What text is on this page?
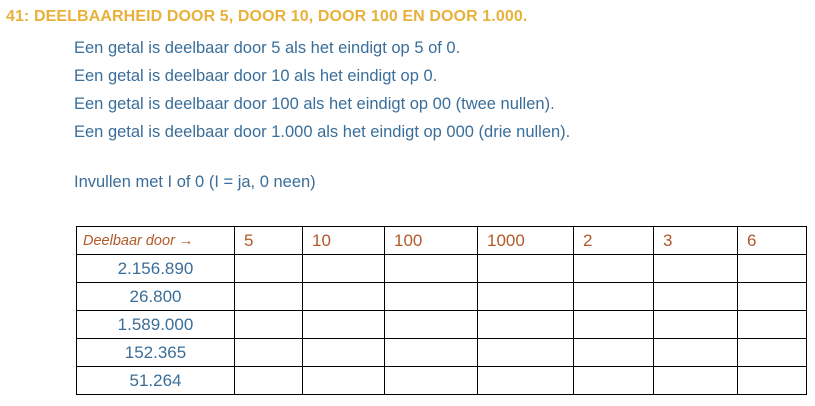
41: DEELBAARHEID DOOR 5, DOOR 10, DOOR 100 EN DOOR 1.000.
Een getal is deelbaar door 5 als het eindigt op 5 of 0.
Een getal is deelbaar door 10 als het eindigt op 0.
Een getal is deelbaar door 100 als het eindigt op 00 (twee nullen).
Een getal is deelbaar door 1.000 als het eindigt op 000 (drie nullen).
Invullen met I of 0 (I = ja, 0 neen)
Deelbaar door →	5	10	100	1000	2	3	6
2.156.890							
26.800							
1.589.000							
152.365							
51.264							
